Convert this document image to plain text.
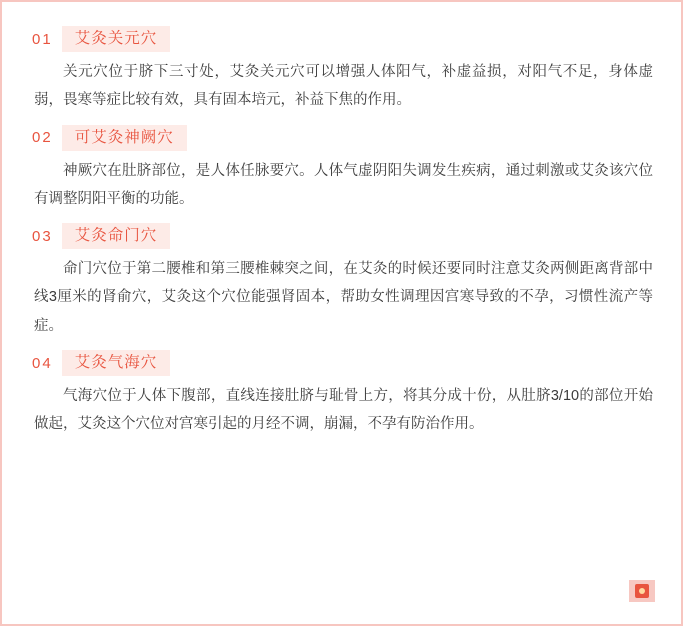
01	艾灸关元穴

关元穴位于脐下三寸处，艾灸关元穴可以增强人体阳气，补虚益损，对阳气不足，身体虚弱，畏寒等症比较有效，具有固本培元，补益下焦的作用。

02	可艾灸神阙穴

神厥穴在肚脐部位，是人体任脉要穴。人体气虚阴阳失调发生疾病，通过刺激或艾灸该穴位有调整阴阳平衡的功能。

03	艾灸命门穴

命门穴位于第二腰椎和第三腰椎棘突之间，在艾灸的时候还要同时注意艾灸两侧距离背部中线3厘米的肾俞穴，艾灸这个穴位能强肾固本，帮助女性调理因宫寒导致的不孕，习惯性流产等症。

04	艾灸气海穴

气海穴位于人体下腹部，直线连接肚脐与耻骨上方，将其分成十份，从肚脐3/10的部位开始做起，艾灸这个穴位对宫寒引起的月经不调，崩漏，不孕有防治作用。
